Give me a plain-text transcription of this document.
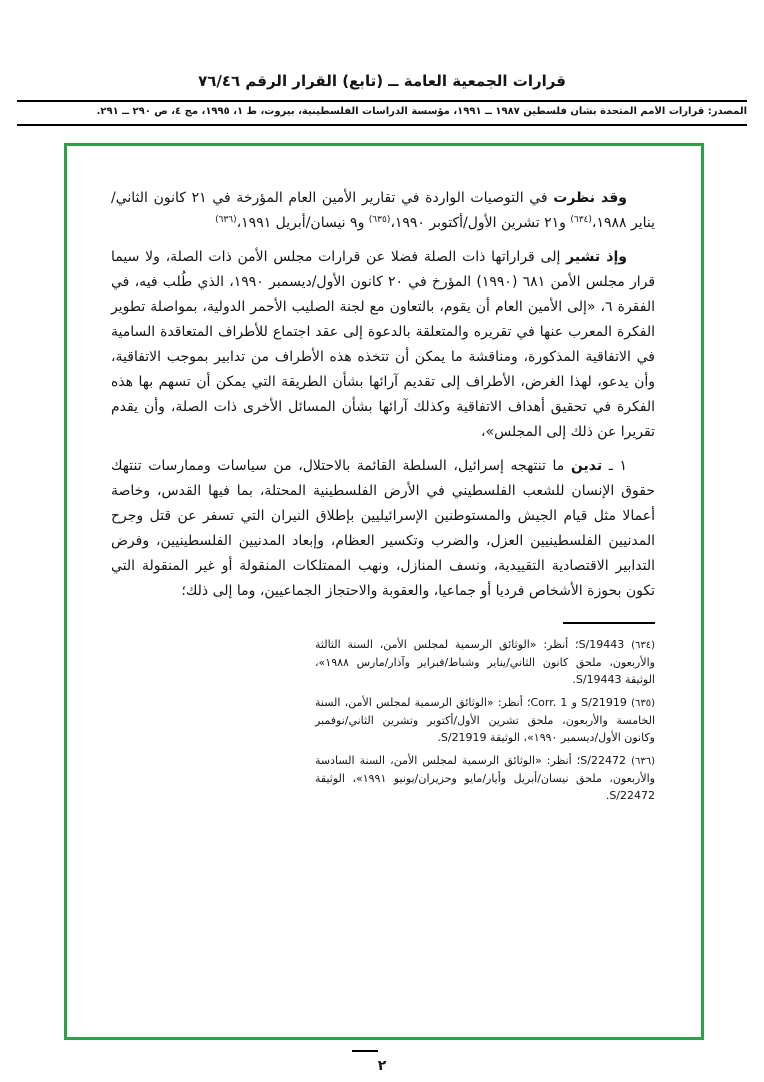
قرارات الجمعية العامة ــ (تابع) القرار الرقم ٧٦/٤٦
المصدر: قرارات الأمم المتحدة بشأن فلسطين ١٩٨٧ ــ ١٩٩١، مؤسسة الدراسات الفلسطينية، بيروت، ط ١، ١٩٩٥، مج ٤، ص ٢٩٠ ــ ٢٩١.

وقد نظرت في التوصيات الواردة في تقارير الأمين العام المؤرخة في ٢١ كانون الثاني/يناير ١٩٨٨،$^{(٦٣٤)}$ و٢١ تشرين الأول/أكتوبر ١٩٩٠،$^{(٦٣٥)}$ و٩ نيسان/أبريل ١٩٩١،$^{(٦٣٦)}$

وإذ تشير إلى قراراتها ذات الصلة فضلا عن قرارات مجلس الأمن ذات الصلة، ولا سيما قرار مجلس الأمن ٦٨١ (١٩٩٠) المؤرخ في ٢٠ كانون الأول/ديسمبر ١٩٩٠، الذي طُلب فيه، في الفقرة ٦، «إلى الأمين العام أن يقوم، بالتعاون مع لجنة الصليب الأحمر الدولية، بمواصلة تطوير الفكرة المعرب عنها في تقريره والمتعلقة بالدعوة إلى عقد اجتماع للأطراف المتعاقدة السامية في الاتفاقية المذكورة، ومناقشة ما يمكن أن تتخذه هذه الأطراف من تدابير بموجب الاتفاقية، وأن يدعو، لهذا الغرض، الأطراف إلى تقديم آرائها بشأن الطريقة التي يمكن أن تسهم بها هذه الفكرة في تحقيق أهداف الاتفاقية وكذلك آرائها بشأن المسائل الأخرى ذات الصلة، وأن يقدم تقريرا عن ذلك إلى المجلس»،

١ ـ تدين ما تنتهجه إسرائيل، السلطة القائمة بالاحتلال، من سياسات وممارسات تنتهك حقوق الإنسان للشعب الفلسطيني في الأرض الفلسطينية المحتلة، بما فيها القدس، وخاصة أعمالا مثل قيام الجيش والمستوطنين الإسرائيليين بإطلاق النيران التي تسفر عن قتل وجرح المدنيين الفلسطينيين العزل، والضرب وتكسير العظام، وإبعاد المدنيين الفلسطينيين، وفرض التدابير الاقتصادية التقييدية، ونسف المنازل، ونهب الممتلكات المنقولة أو غير المنقولة التي تكون بحوزة الأشخاص فرديا أو جماعيا، والعقوبة والاحتجاز الجماعيين، وما إلى ذلك؛

(٦٣٤) S/19443؛ أنظر: «الوثائق الرسمية لمجلس الأمن، السنة الثالثة والأربعون، ملحق كانون الثاني/يناير وشباط/فبراير وآذار/مارس ١٩٨٨»، الوثيقة S/19443.
(٦٣٥) S/21919 و Corr. 1؛ أنظر: «الوثائق الرسمية لمجلس الأمن، السنة الخامسة والأربعون، ملحق تشرين الأول/أكتوبر وتشرين الثاني/نوفمبر وكانون الأول/ديسمبر ١٩٩٠»، الوثيقة S/21919.
(٦٣٦) S/22472؛ أنظر: «الوثائق الرسمية لمجلس الأمن، السنة السادسة والأربعون، ملحق نيسان/أبريل وأيار/مايو وحزيران/يونيو ١٩٩١»، الوثيقة S/22472.
٢
